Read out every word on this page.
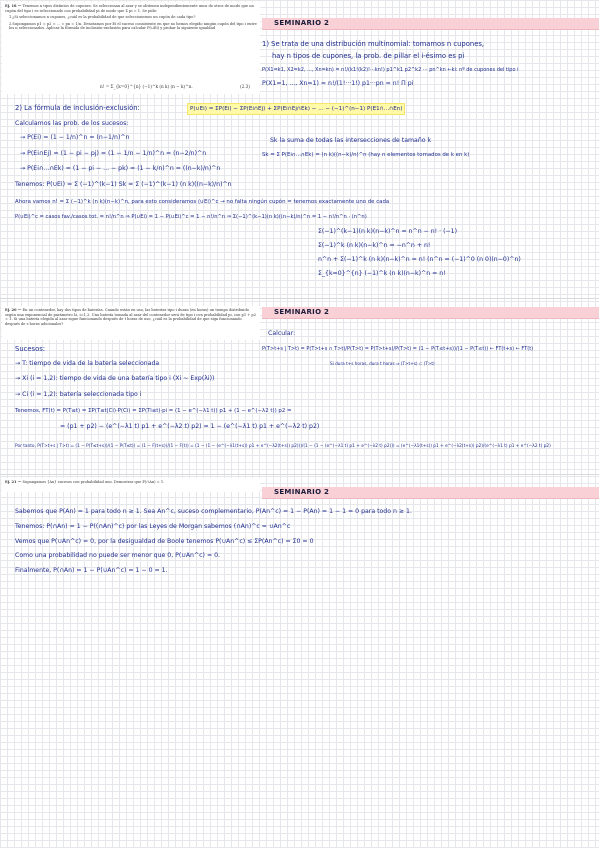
Ej. 18 — Tenemos n tipos distintos de cupones. Se seleccionan al azar y se obtienen independientemente unos de otros de modo que un cupón del tipo i es seleccionado con probabilidad pi de modo que Σ pi = 1. Se pide:
1.¿Si seleccionamos n cupones, ¿cuál es la probabilidad de que seleccionemos un cupón de cada tipo?
2.Supongamos p1 = p2 = ... = pn = 1/n. Denotamos por Ei el suceso consistente en que no hemos elegido ningún cupón del tipo i entre los n seleccionados. Aplicar la fórmula de inclusión-exclusión para calcular P(∪Ei) y probar la siguiente igualdad
n! = Σ_{k=0}^{n} (−1)^k (n k) (n − k)^n.	(2.3)
SEMINARIO 2
1) Se trata de una distribución multinomial: tomamos n cupones,
hay n tipos de cupones, la prob. de pillar el i-ésimo es pi
P(X1=k1, X2=k2, ..., Xn=kn) = n!/(k1!(k2)!···kn!) p1^k1 p2^k2 ··· pn^kn ←ki: nº de cupones del tipo i
P(X1=1, ..., Xn=1) = n!/(1!···1!) p1···pn = n! Π pi
2) La fórmula de inclusión-exclusión:	P(∪Ei) = ΣP(Ei) − ΣP(Ei∩Ej) + ΣP(Ei∩Ej∩Ek) − ... − (−1)^(n−1) P(E1∩...∩En)
Calculamos las prob. de los sucesos:
→ P(Ei) = (1 − 1/n)^n = (n−1/n)^n
→ P(Ei∩Ej) = (1 − pi − pj) = (1 − 1/n − 1/n)^n = (n−2/n)^n
→ P(Ei∩...∩Ek) = (1 − pi − ... − pk) = (1 − k/n)^n = ((n−k)/n)^n
Sk la suma de todas las intersecciones de tamaño k
Sk = Σ P(Ei∩...∩Ek) = (n k)((n−k)/n)^n (hay n elementos tomados de k en k)
Tenemos: P(∪Ei) = Σ (−1)^(k−1) Sk = Σ (−1)^(k−1) (n k)((n−k)/n)^n
Ahora vamos n! = Σ (−1)^k (n k)(n−k)^n, para esto consideramos (∪Ei)^c → no falta ningún cupón = tenemos exactamente uno de cada
P(∪Ei)^c = casos fav./casos tot. = n!/n^n ⇒ P(∪Ei) = 1 − P(∪Ei)^c = 1 − n!/n^n ⇒ Σ(−1)^(k−1)(n k)((n−k)/n)^n = 1 − n!/n^n · (n^n)
Σ(−1)^(k−1)(n k)(n−k)^n = n^n − n! · (−1)
Σ(−1)^k (n k)(n−k)^n = −n^n + n!
n^n + Σ(−1)^k (n k)(n−k)^n = n! (n^n = (−1)^0 (n 0)(n−0)^n)
Σ_{k=0}^{n} (−1)^k (n k)(n−k)^n = n!
Ej. 20 — En un contenedor, hay dos tipos de baterías. Cuando están en uso, las baterías tipo i duran (en horas) un tiempo distribuido según una exponencial de parámetro λi, i=1,2. Una batería tomada al azar del contenedor será de tipo i con probabilidad pi, con p1 + p2 = 1. Si una batería elegida al azar sigue funcionando después de t horas de uso, ¿cuál es la probabilidad de que siga funcionando después de s horas adicionales?
SEMINARIO 2
Sucesos:
→ T: tiempo de vida de la batería seleccionada
→ Xi (i = 1,2): tiempo de vida de una batería tipo i (Xi ∼ Exp(λi))
→ Ci (i = 1,2): batería seleccionada tipo i
Tenemos, FT(t) = P(T≤t) = ΣP(T≤t|Ci)·P(Ci) = ΣP(Ti≤t)·pi = (1 − e^(−λ1 t)) p1 + (1 − e^(−λ2 t)) p2 =
= (p1 + p2) − (e^(−λ1 t) p1 + e^(−λ2 t) p2) = 1 − (e^(−λ1 t) p1 + e^(−λ2 t) p2)
Por tanto, P(T>t+s | T>t) = (1 − P(T≤t+s))/(1 − P(T≤t)) = (1 − F(t+s))/(1 − F(t)) = (1 − (1 − (e^(−λ1(t+s)) p1 + e^(−λ2(t+s)) p2)))/(1 − (1 − (e^(−λ1 t) p1 + e^(−λ2 t) p2))) = (e^(−λ1(t+s)) p1 + e^(−λ2(t+s)) p2)/(e^(−λ1 t) p1 + e^(−λ2 t) p2)
Calcular:
P(T>t+s | T>t) = P(T>t+s ∩ T>t)/P(T>t) = P(T>t+s)/P(T>t) = (1 − P(T≤t+s))/(1 − P(T≤t)) ← FT(t+s) ← FT(t)
Si dura t+s horas, dura t horas ⇒ (T>t+s) ⊂ (T>t)
Ej. 21 — Supongamos {An} sucesos con probabilidad uno. Demostrar que P(∩An) = 1.
SEMINARIO 2
Sabemos que P(An) = 1 para todo n ≥ 1. Sea An^c, suceso complementario, P(An^c) = 1 − P(An) = 1 − 1 = 0 para todo n ≥ 1.
Tenemos: P(∩An) = 1 − P((∩An)^c) por las Leyes de Morgan sabemos (∩An)^c = ∪An^c
Vemos que P(∪An^c) = 0, por la desigualdad de Boole tenemos P(∪An^c) ≤ ΣP(An^c) = Σ0 = 0
Como una probabilidad no puede ser menor que 0, P(∪An^c) = 0.
Finalmente, P(∩An) = 1 − P(∪An^c) = 1 − 0 = 1.
